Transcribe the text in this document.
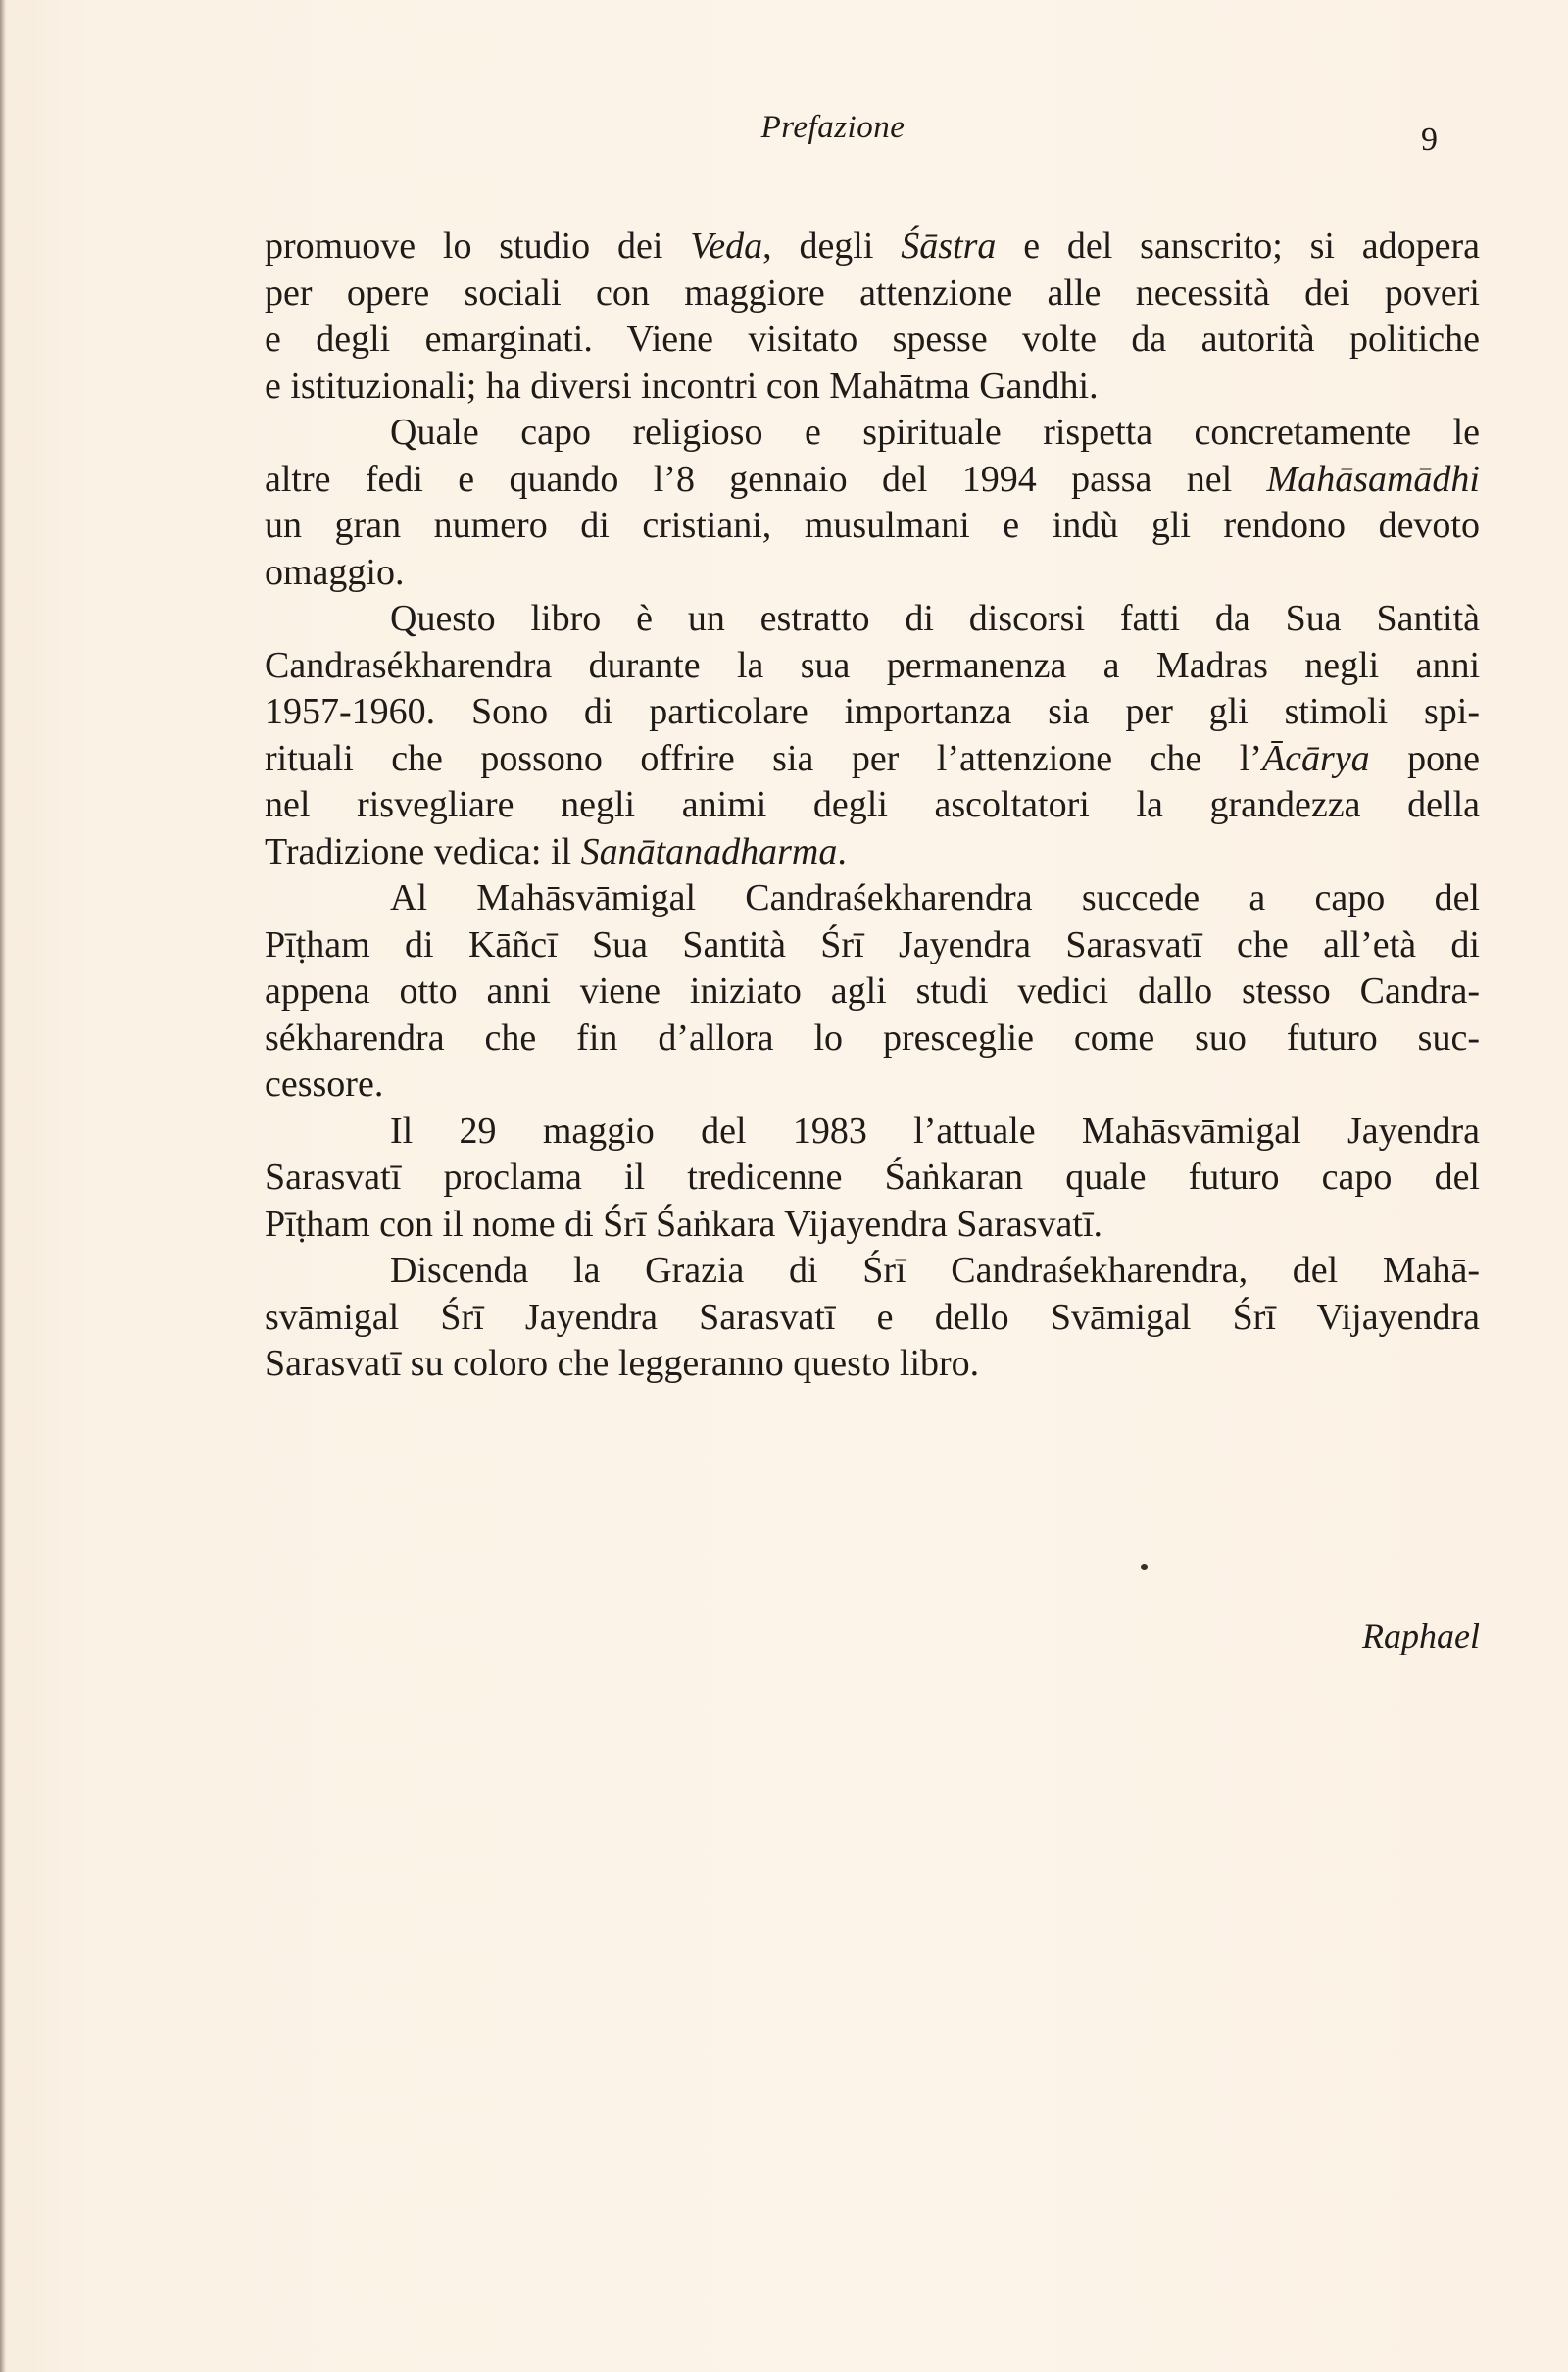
Prefazione	9
promuove lo studio dei Veda, degli Śāstra e del sanscrito; si adopera
per opere sociali con maggiore attenzione alle necessità dei poveri
e degli emarginati. Viene visitato spesse volte da autorità politiche
e istituzionali; ha diversi incontri con Mahātma Gandhi.
Quale capo religioso e spirituale rispetta concretamente le
altre fedi e quando l’8 gennaio del 1994 passa nel Mahāsamādhi
un gran numero di cristiani, musulmani e indù gli rendono devoto
omaggio.
Questo libro è un estratto di discorsi fatti da Sua Santità
Candrasékharendra durante la sua permanenza a Madras negli anni
1957-1960. Sono di particolare importanza sia per gli stimoli spi-
rituali che possono offrire sia per l’attenzione che l’Ācārya pone
nel risvegliare negli animi degli ascoltatori la grandezza della
Tradizione vedica: il Sanātanadharma.
Al Mahāsvāmigal Candraśekharendra succede a capo del
Pīṭham di Kāñcī Sua Santità Śrī Jayendra Sarasvatī che all’età di
appena otto anni viene iniziato agli studi vedici dallo stesso Candra-
sékharendra che fin d’allora lo presceglie come suo futuro suc-
cessore.
Il 29 maggio del 1983 l’attuale Mahāsvāmigal Jayendra
Sarasvatī proclama il tredicenne Śaṅkaran quale futuro capo del
Pīṭham con il nome di Śrī Śaṅkara Vijayendra Sarasvatī.
Discenda la Grazia di Śrī Candraśekharendra, del Mahā-
svāmigal Śrī Jayendra Sarasvatī e dello Svāmigal Śrī Vijayendra
Sarasvatī su coloro che leggeranno questo libro.
Raphael
